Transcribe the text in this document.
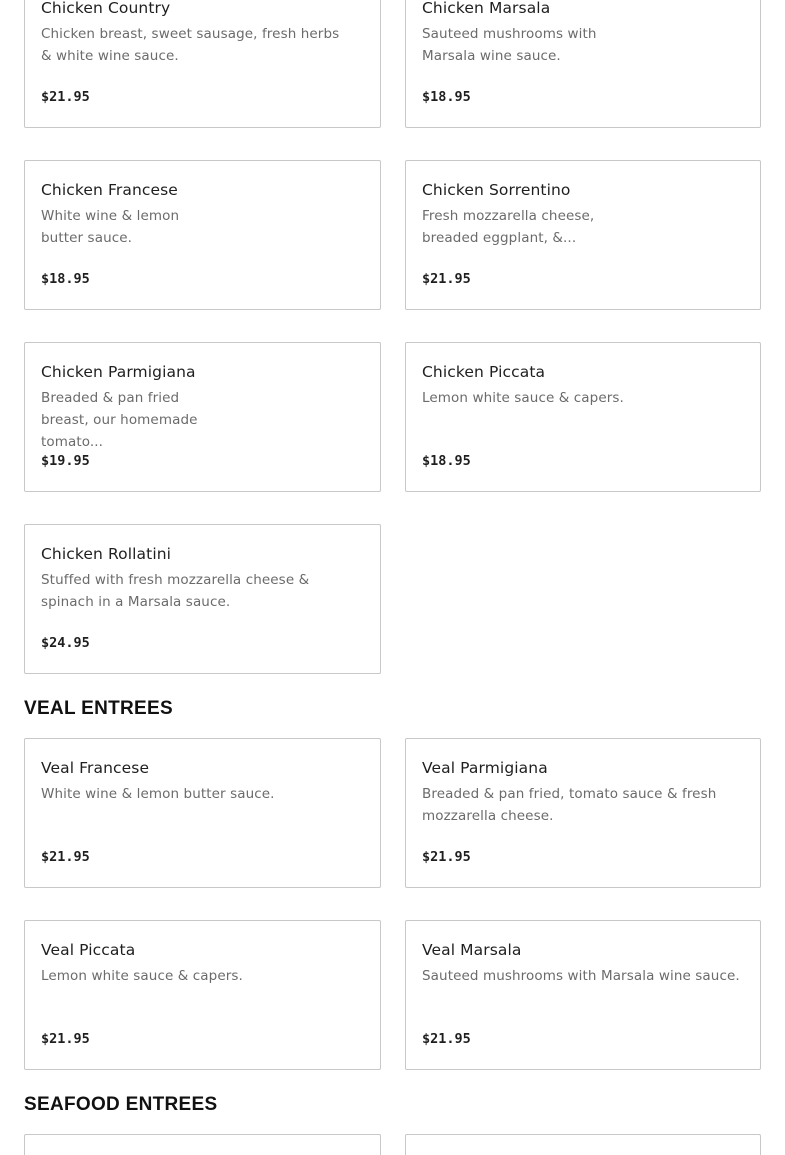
Chicken Country
Chicken breast, sweet sausage, fresh herbs & white wine sauce.
$21.95
Chicken Marsala
Sauteed mushrooms with Marsala wine sauce.
$18.95
Chicken Francese
White wine & lemon butter sauce.
$18.95
Chicken Sorrentino
Fresh mozzarella cheese, breaded eggplant, &...
$21.95
Chicken Parmigiana
Breaded & pan fried breast, our homemade tomato...
$19.95
Chicken Piccata
Lemon white sauce & capers.
$18.95
Chicken Rollatini
Stuffed with fresh mozzarella cheese & spinach in a Marsala sauce.
$24.95
VEAL ENTREES
Veal Francese
White wine & lemon butter sauce.
$21.95
Veal Parmigiana
Breaded & pan fried, tomato sauce & fresh mozzarella cheese.
$21.95
Veal Piccata
Lemon white sauce & capers.
$21.95
Veal Marsala
Sauteed mushrooms with Marsala wine sauce.
$21.95
SEAFOOD ENTREES
